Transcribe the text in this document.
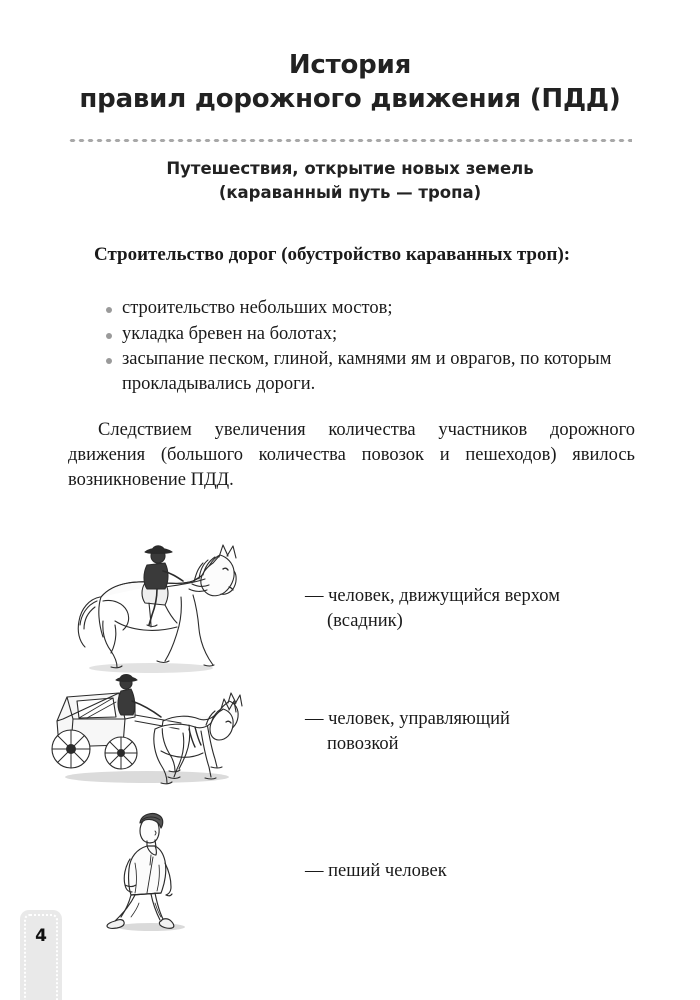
История
правил дорожного движения (ПДД)
Путешествия, открытие новых земель
(караванный путь — тропа)
Строительство дорог (обустройство караванных троп):
строительство небольших мостов;
укладка бревен на болотах;
засыпание песком, глиной, камнями ям и оврагов, по которым прокладывались дороги.
Следствием увеличения количества участников дорожного движения (большого количества повозок и пешеходов) явилось возникновение ПДД.
— человек, движущийся верхом
(всадник)
— человек, управляющий
повозкой
— пеший человек
4
